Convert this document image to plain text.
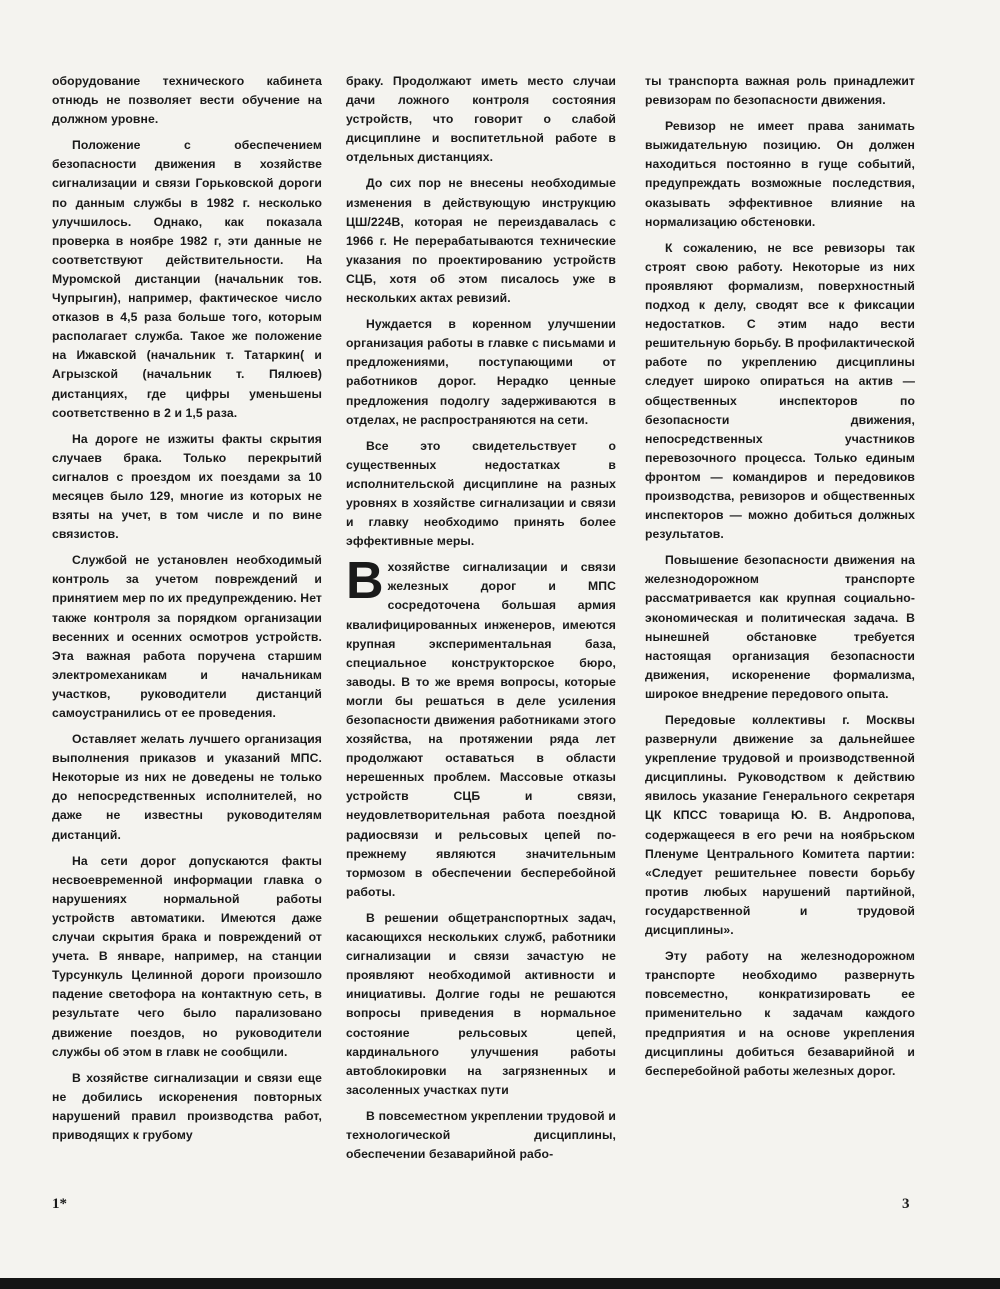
оборудование технического кабинета отнюдь не позволяет вести обучение на должном уровне.

Положение с обеспечением безопасности движения в хозяйстве сигнализации и связи Горьковской дороги по данным службы в 1982 г. несколько улучшилось. Однако, как показала проверка в ноябре 1982 г, эти данные не соответствуют действительности. На Муромской дистанции (начальник тов. Чупрыгин), например, фактическое число отказов в 4,5 раза больше того, которым располагает служба. Такое же положение на Ижавской (начальник т. Татаркин( и Агрызской (начальник т. Пялюев) дистанциях, где цифры уменьшены соответственно в 2 и 1,5 раза.

На дороге не изжиты факты скрытия случаев брака. Только перекрытий сигналов с проездом их поездами за 10 месяцев было 129, многие из которых не взяты на учет, в том числе и по вине связистов.

Службой не установлен необходимый контроль за учетом повреждений и принятием мер по их предупреждению. Нет также контроля за порядком организации весенних и осенних осмотров устройств. Эта важная работа поручена старшим электромеханикам и начальникам участков, руководители дистанций самоустранились от ее проведения.

Оставляет желать лучшего организация выполнения приказов и указаний МПС. Некоторые из них не доведены не только до непосредственных исполнителей, но даже не известны руководителям дистанций.

На сети дорог допускаются факты несвоевременной информации главка о нарушениях нормальной работы устройств автоматики. Имеются даже случаи скрытия брака и повреждений от учета. В январе, например, на станции Турсункуль Целинной дороги произошло падение светофора на контактную сеть, в результате чего было парализовано движение поездов, но руководители службы об этом в главк не сообщили.

В хозяйстве сигнализации и связи еще не добились искоренения повторных нарушений правил производства работ, приводящих к грубому

браку. Продолжают иметь место случаи дачи ложного контроля состояния устройств, что говорит о слабой дисциплине и воспитетльной работе в отдельных дистанциях.

До сих пор не внесены необходимые изменения в действующую инструкцию ЦШ/224В, которая не переиздавалась с 1966 г. Не перерабатываются технические указания по проектированию устройств СЦБ, хотя об этом писалось уже в нескольких актах ревизий.

Нуждается в коренном улучшении организация работы в главке с письмами и предложениями, поступающими от работников дорог. Нерадко ценные предложения подолгу задерживаются в отделах, не распространяются на сети.

Все это свидетельствует о существенных недостатках в исполнительской дисциплине на разных уровнях в хозяйстве сигнализации и связи и главку необходимо принять более эффективные меры.

Вхозяйстве сигнализации и связи железных дорог и МПС сосредоточена большая армия квалифицированных инженеров, имеются крупная экспериментальная база, специальное конструкторское бюро, заводы. В то же время вопросы, которые могли бы решаться в деле усиления безопасности движения работниками этого хозяйства, на протяжении ряда лет продолжают оставаться в области нерешенных проблем. Массовые отказы устройств СЦБ и связи, неудовлетворительная работа поездной радиосвязи и рельсовых цепей по-прежнему являются значительным тормозом в обеспечении бесперебойной работы.

В решении общетранспортных задач, касающихся нескольких служб, работники сигнализации и связи зачастую не проявляют необходимой активности и инициативы. Долгие годы не решаются вопросы приведения в нормальное состояние рельсовых цепей, кардинального улучшения работы автоблокировки на загрязненных и засоленных участках пути

В повсеместном укреплении трудовой и технологической дисциплины, обеспечении безаварийной рабо-

ты транспорта важная роль принадлежит ревизорам по безопасности движения.

Ревизор не имеет права занимать выжидательную позицию. Он должен находиться постоянно в гуще событий, предупреждать возможные последствия, оказывать эффективное влияние на нормализацию обстеновки.

К сожалению, не все ревизоры так строят свою работу. Некоторые из них проявляют формализм, поверхностный подход к делу, сводят все к фиксации недостатков. С этим надо вести решительную борьбу. В профилактической работе по укреплению дисциплины следует широко опираться на актив — общественных инспекторов по безопасности движения, непосредственных участников перевозочного процесса. Только единым фронтом — командиров и передовиков производства, ревизоров и общественных инспекторов — можно добиться должных результатов.

Повышение безопасности движения на железнодорожном транспорте рассматривается как крупная социально-экономическая и политическая задача. В нынешней обстановке требуется настоящая организация безопасности движения, искоренение формализма, широкое внедрение передового опыта.

Передовые коллективы г. Москвы развернули движение за дальнейшее укрепление трудовой и производственной дисциплины. Руководством к действию явилось указание Генерального секретаря ЦК КПСС товарища Ю. В. Андропова, содержащееся в его речи на ноябрьском Пленуме Центрального Комитета партии: «Следует решительнее повести борьбу против любых нарушений партийной, государственной и трудовой дисциплины».

Эту работу на железнодорожном транспорте необходимо развернуть повсеместно, конкратизировать ее применительно к задачам каждого предприятия и на основе укрепления дисциплины добиться безаварийной и бесперебойной работы железных дорог.

1*	3
